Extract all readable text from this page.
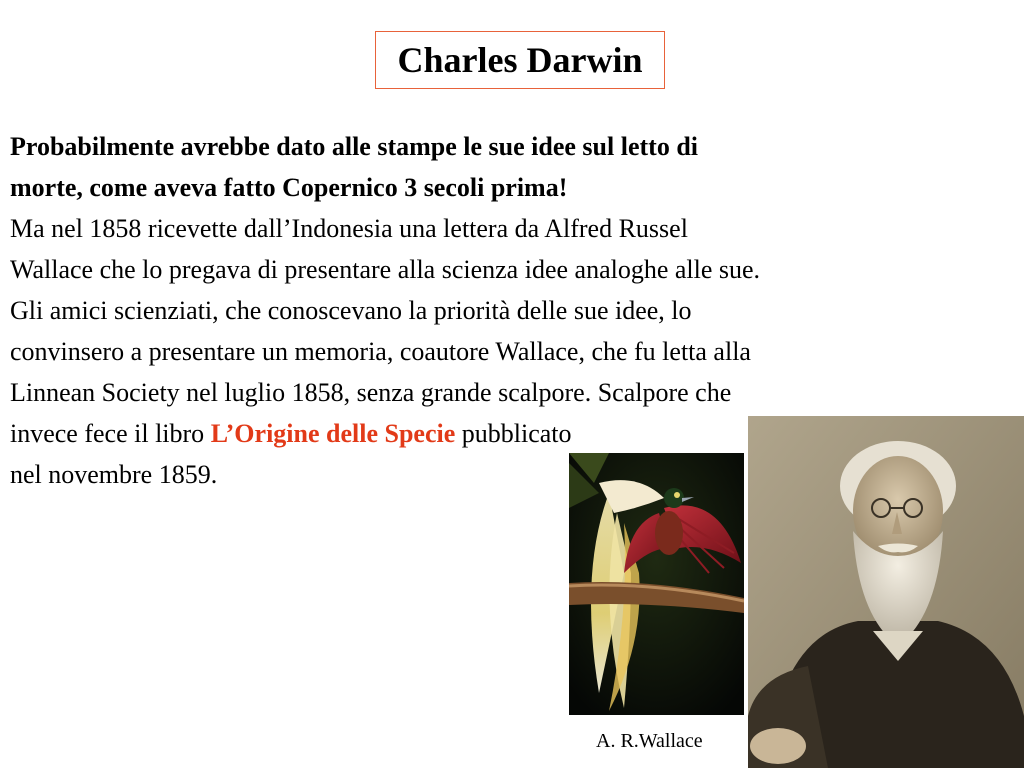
Charles Darwin
Probabilmente avrebbe dato alle stampe le sue idee sul letto di
morte, come aveva fatto Copernico 3 secoli prima!
Ma nel 1858 ricevette dall’Indonesia una lettera da Alfred Russel
Wallace che lo pregava di presentare alla scienza idee analoghe alle sue.
Gli amici scienziati, che conoscevano la priorità delle sue idee, lo
convinsero a presentare un memoria, coautore Wallace, che fu letta alla
Linnean Society nel luglio 1858, senza grande scalpore. Scalpore che
invece fece il libro L’Origine delle Specie pubblicato
nel novembre 1859.
A. R.Wallace
